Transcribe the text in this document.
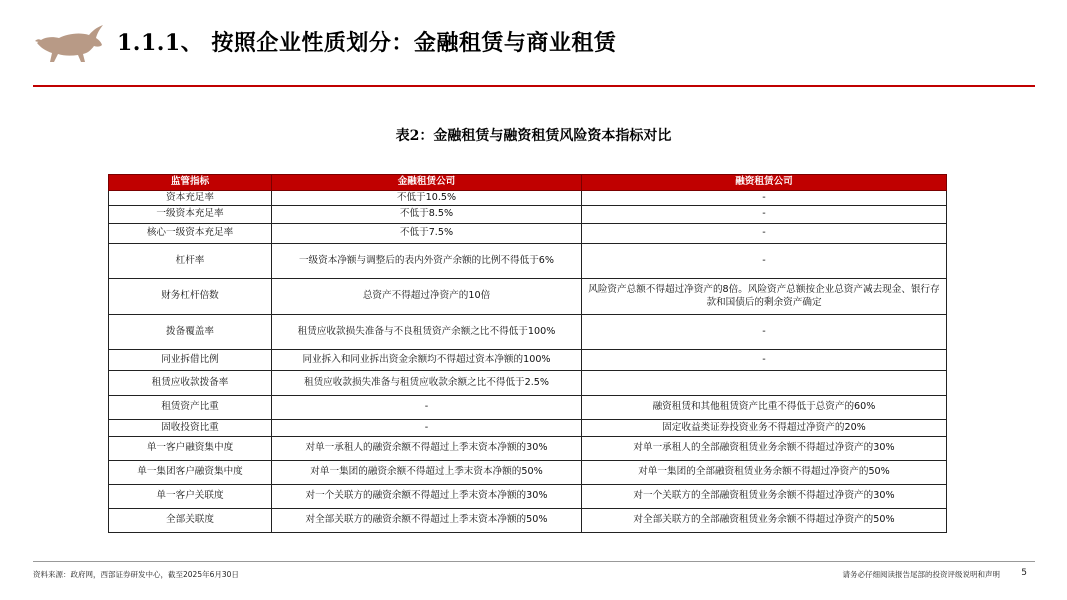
1.1.1、 按照企业性质划分：金融租赁与商业租赁
表2：金融租赁与融资租赁风险资本指标对比
监管指标	金融租赁公司	融资租赁公司
资本充足率	不低于10.5%	-
一级资本充足率	不低于8.5%	-
核心一级资本充足率	不低于7.5%	-
杠杆率	一级资本净额与调整后的表内外资产余额的比例不得低于6%	-
财务杠杆倍数	总资产不得超过净资产的10倍	风险资产总额不得超过净资产的8倍。风险资产总额按企业总资产减去现金、银行存款和国债后的剩余资产确定
拨备覆盖率	租赁应收款损失准备与不良租赁资产余额之比不得低于100%	-
同业拆借比例	同业拆入和同业拆出资金余额均不得超过资本净额的100%	-
租赁应收款拨备率	租赁应收款损失准备与租赁应收款余额之比不得低于2.5%	
租赁资产比重	-	融资租赁和其他租赁资产比重不得低于总资产的60%
固收投资比重	-	固定收益类证券投资业务不得超过净资产的20%
单一客户融资集中度	对单一承租人的融资余额不得超过上季末资本净额的30%	对单一承租人的全部融资租赁业务余额不得超过净资产的30%
单一集团客户融资集中度	对单一集团的融资余额不得超过上季末资本净额的50%	对单一集团的全部融资租赁业务余额不得超过净资产的50%
单一客户关联度	对一个关联方的融资余额不得超过上季末资本净额的30%	对一个关联方的全部融资租赁业务余额不得超过净资产的30%
全部关联度	对全部关联方的融资余额不得超过上季末资本净额的50%	对全部关联方的全部融资租赁业务余额不得超过净资产的50%
资料来源：政府网，西部证券研发中心，截至2025年6月30日	请务必仔细阅读报告尾部的投资评级说明和声明 5
